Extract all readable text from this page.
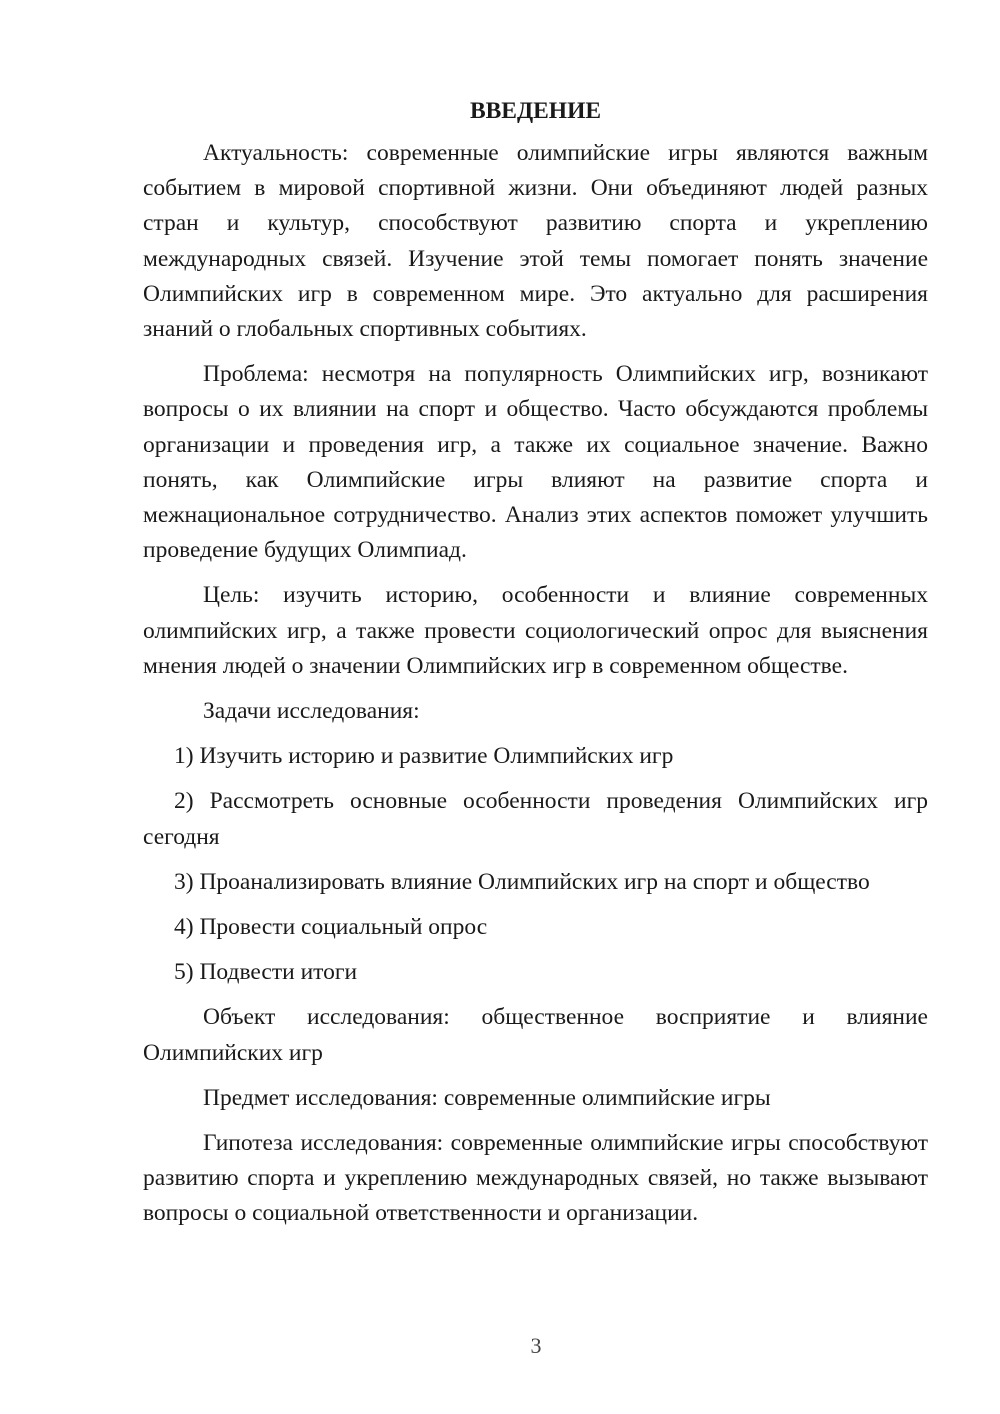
ВВЕДЕНИЕ

Актуальность: современные олимпийские игры являются важным событием в мировой спортивной жизни. Они объединяют людей разных стран и культур, способствуют развитию спорта и укреплению международных связей. Изучение этой темы помогает понять значение Олимпийских игр в современном мире. Это актуально для расширения знаний о глобальных спортивных событиях.

Проблема: несмотря на популярность Олимпийских игр, возникают вопросы о их влиянии на спорт и общество. Часто обсуждаются проблемы организации и проведения игр, а также их социальное значение. Важно понять, как Олимпийские игры влияют на развитие спорта и межнациональное сотрудничество. Анализ этих аспектов поможет улучшить проведение будущих Олимпиад.

Цель: изучить историю, особенности и влияние современных олимпийских игр, а также провести социологический опрос для выяснения мнения людей о значении Олимпийских игр в современном обществе.

Задачи исследования:

1) Изучить историю и развитие Олимпийских игр

2) Рассмотреть основные особенности проведения Олимпийских игр сегодня

3) Проанализировать влияние Олимпийских игр на спорт и общество

4) Провести социальный опрос

5) Подвести итоги

Объект исследования: общественное восприятие и влияние Олимпийских игр

Предмет исследования: современные олимпийские игры

Гипотеза исследования: современные олимпийские игры способствуют развитию спорта и укреплению международных связей, но также вызывают вопросы о социальной ответственности и организации.

3
